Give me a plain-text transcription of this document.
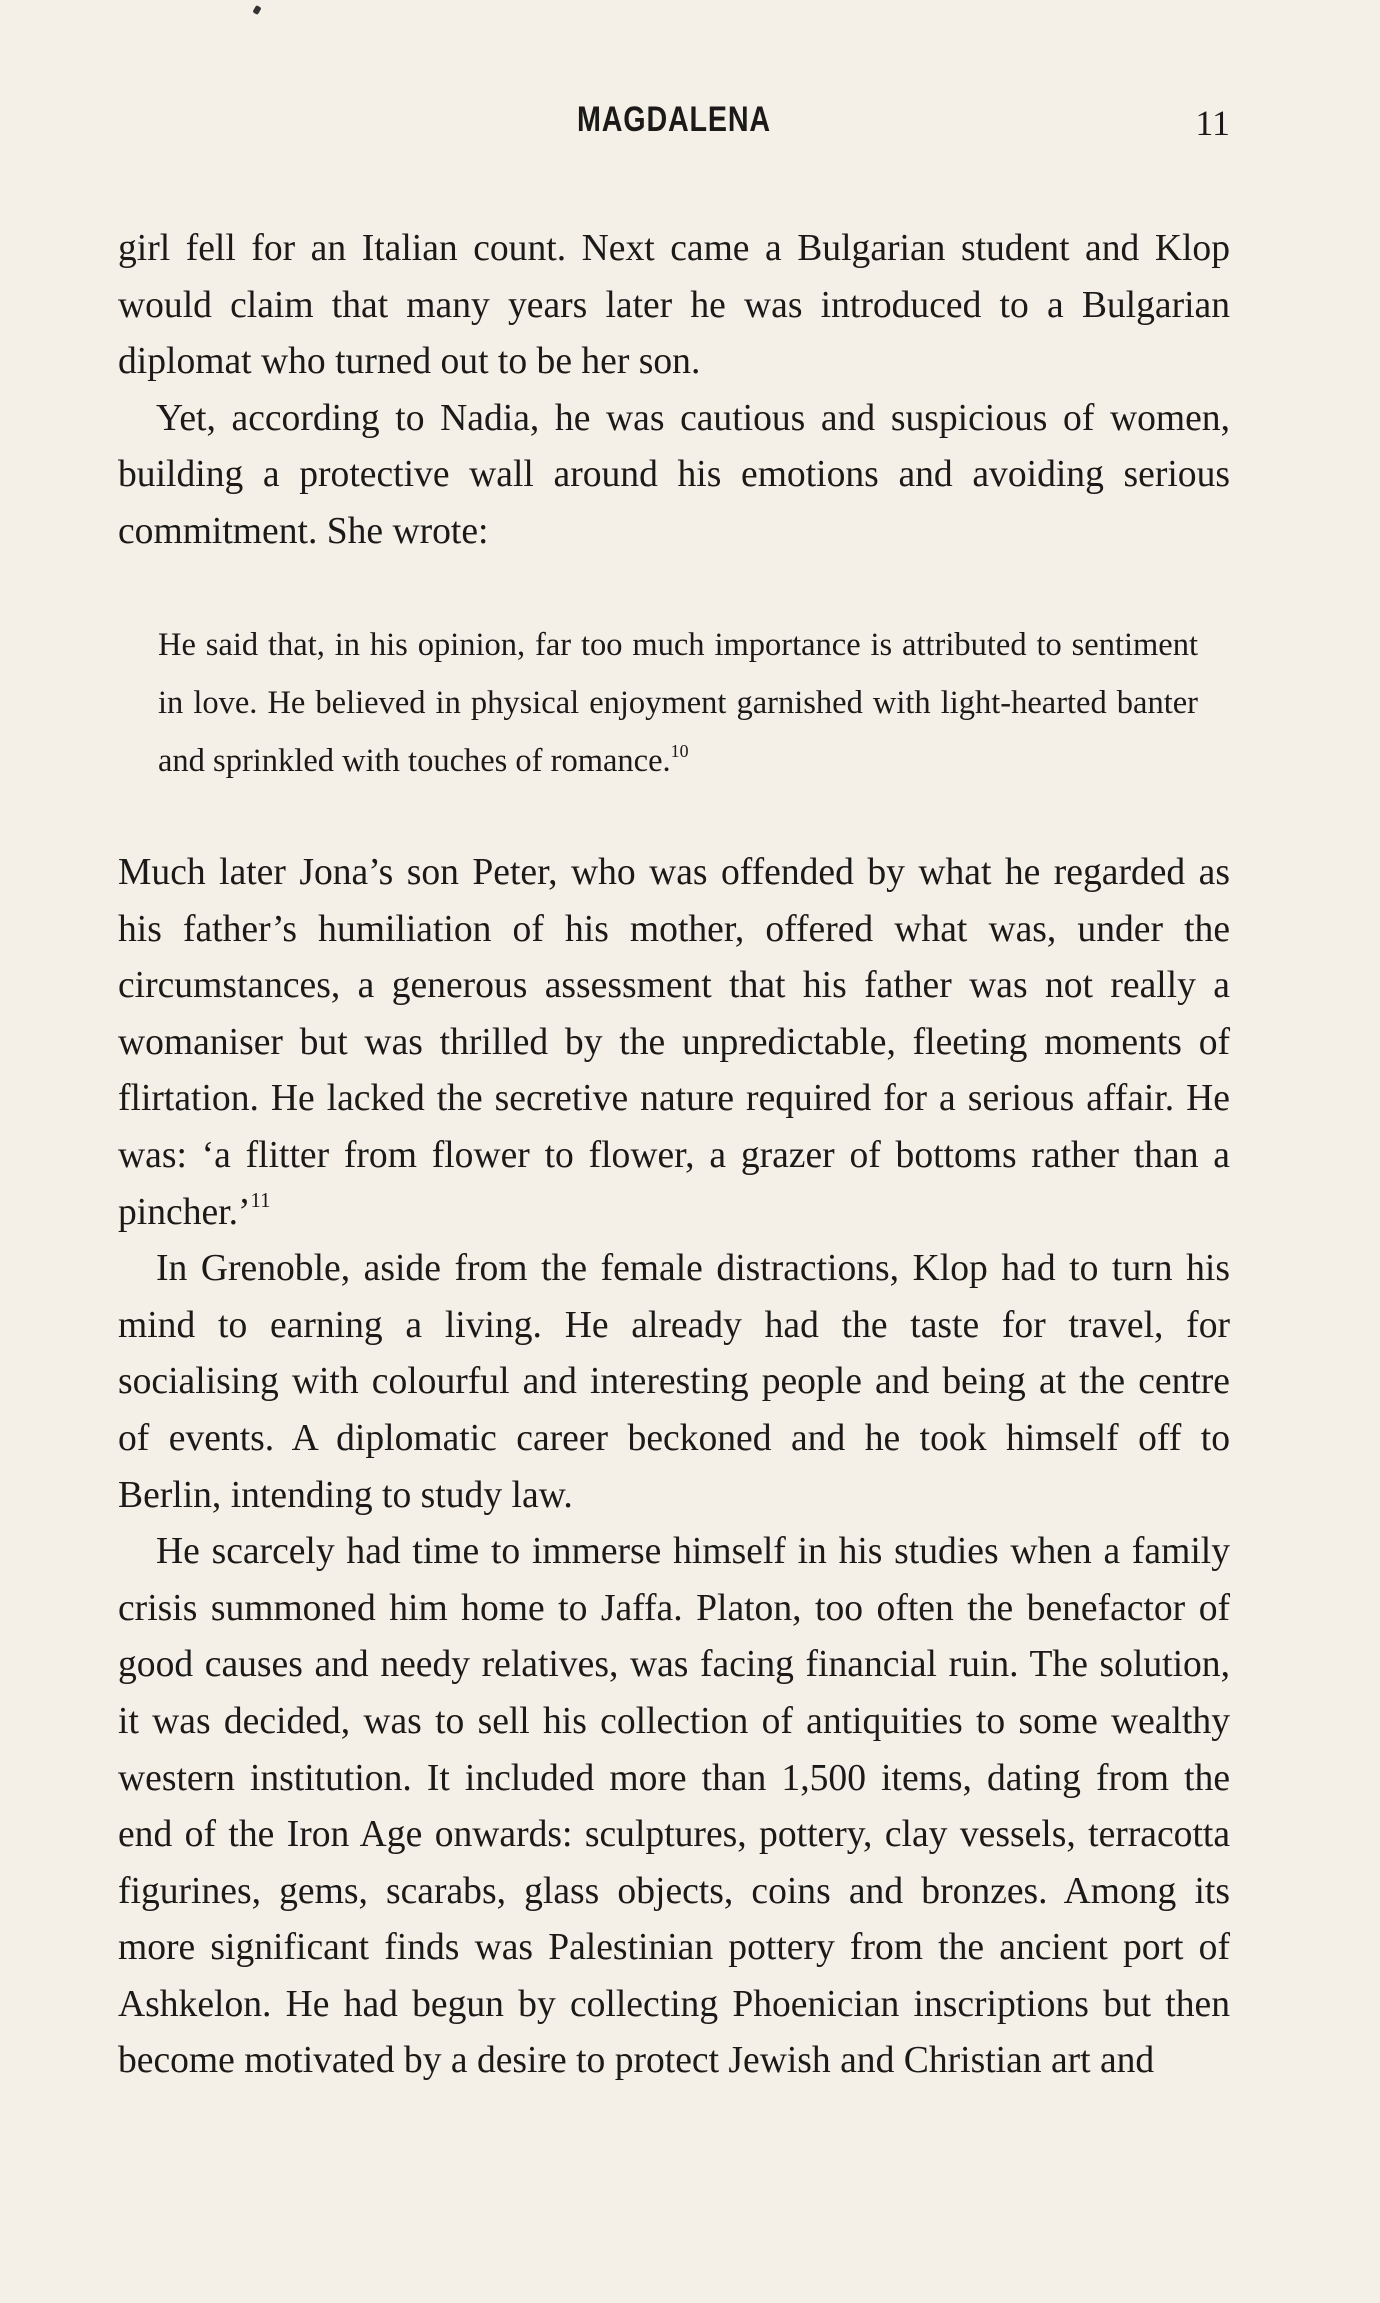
MAGDALENA	11

girl fell for an Italian count. Next came a Bulgarian student and Klop would claim that many years later he was introduced to a Bulgarian diplomat who turned out to be her son.

Yet, according to Nadia, he was cautious and suspicious of women, building a protective wall around his emotions and avoiding serious commitment. She wrote:

He said that, in his opinion, far too much importance is attributed to sentiment in love. He believed in physical enjoyment garnished with light-hearted banter and sprinkled with touches of romance.$^{10}$

Much later Jona’s son Peter, who was offended by what he regarded as his father’s humiliation of his mother, offered what was, under the circumstances, a generous assessment that his father was not really a womaniser but was thrilled by the unpredictable, fleeting moments of flirtation. He lacked the secretive nature required for a serious affair. He was: ‘a flitter from flower to flower, a grazer of bottoms rather than a pincher.’$^{11}$

In Grenoble, aside from the female distractions, Klop had to turn his mind to earning a living. He already had the taste for travel, for socialising with colourful and interesting people and being at the centre of events. A diplomatic career beckoned and he took himself off to Berlin, intending to study law.

He scarcely had time to immerse himself in his studies when a family crisis summoned him home to Jaffa. Platon, too often the benefactor of good causes and needy relatives, was facing financial ruin. The solution, it was decided, was to sell his collection of antiquities to some wealthy western institution. It included more than 1,500 items, dating from the end of the Iron Age onwards: sculptures, pottery, clay vessels, terracotta figurines, gems, scarabs, glass objects, coins and bronzes. Among its more significant finds was Palestinian pottery from the ancient port of Ashkelon. He had begun by collecting Phoenician inscriptions but then become motivated by a desire to protect Jewish and Christian art and
